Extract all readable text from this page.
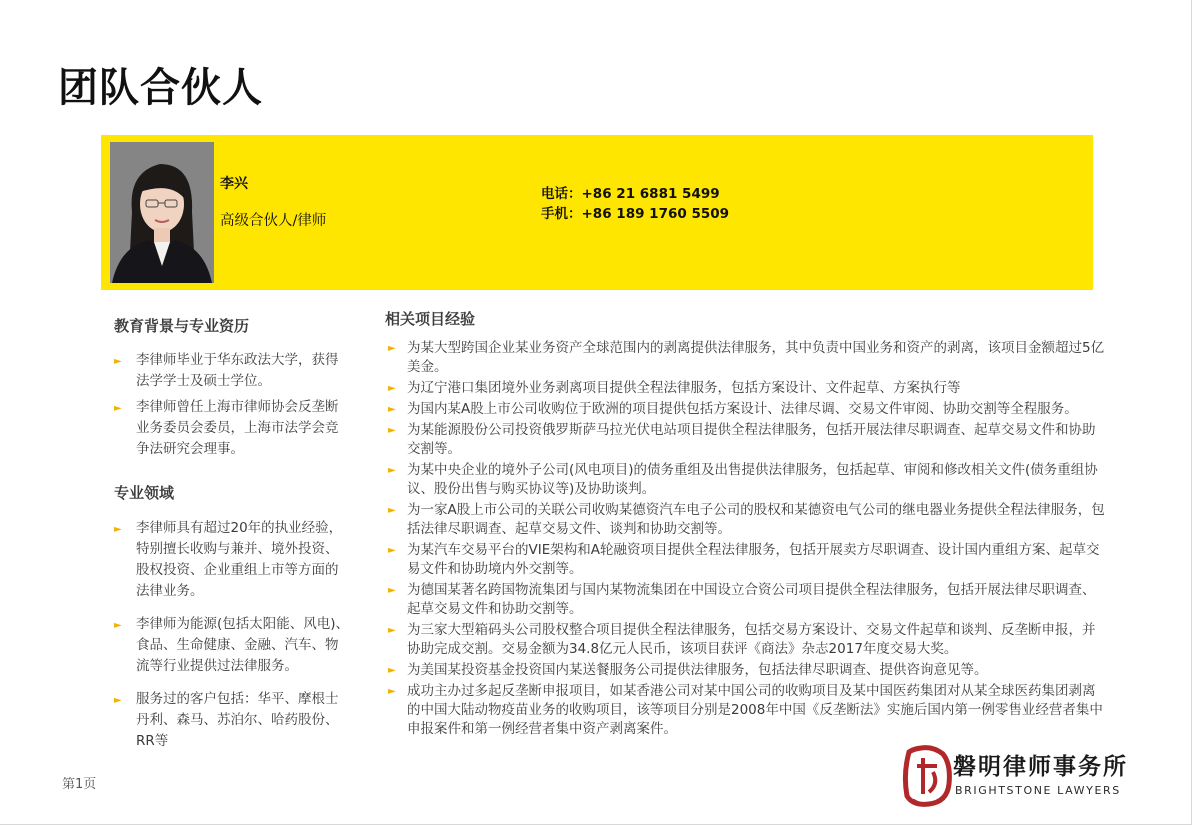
团队合伙人
李兴
高级合伙人/律师
电话：+86 21 6881 5499
手机：+86 189 1760 5509
教育背景与专业资历
► 李律师毕业于华东政法大学，获得法学学士及硕士学位。
► 李律师曾任上海市律师协会反垄断业务委员会委员，上海市法学会竞争法研究会理事。
专业领域
► 李律师具有超过20年的执业经验，特别擅长收购与兼并、境外投资、股权投资、企业重组上市等方面的法律业务。
► 李律师为能源(包括太阳能、风电)、食品、生命健康、金融、汽车、物流等行业提供过法律服务。
► 服务过的客户包括：华平、摩根士丹利、森马、苏泊尔、哈药股份、RR等
相关项目经验
► 为某大型跨国企业某业务资产全球范围内的剥离提供法律服务，其中负责中国业务和资产的剥离，该项目金额超过5亿美金。
► 为辽宁港口集团境外业务剥离项目提供全程法律服务，包括方案设计、文件起草、方案执行等
► 为国内某A股上市公司收购位于欧洲的项目提供包括方案设计、法律尽调、交易文件审阅、协助交割等全程服务。
► 为某能源股份公司投资俄罗斯萨马拉光伏电站项目提供全程法律服务，包括开展法律尽职调查、起草交易文件和协助交割等。
► 为某中央企业的境外子公司(风电项目)的债务重组及出售提供法律服务，包括起草、审阅和修改相关文件(债务重组协议、股份出售与购买协议等)及协助谈判。
► 为一家A股上市公司的关联公司收购某德资汽车电子公司的股权和某德资电气公司的继电器业务提供全程法律服务，包括法律尽职调查、起草交易文件、谈判和协助交割等。
► 为某汽车交易平台的VIE架构和A轮融资项目提供全程法律服务，包括开展卖方尽职调查、设计国内重组方案、起草交易文件和协助境内外交割等。
► 为德国某著名跨国物流集团与国内某物流集团在中国设立合资公司项目提供全程法律服务，包括开展法律尽职调查、起草交易文件和协助交割等。
► 为三家大型箱码头公司股权整合项目提供全程法律服务，包括交易方案设计、交易文件起草和谈判、反垄断申报，并协助完成交割。交易金额为34.8亿元人民币，该项目获评《商法》杂志2017年度交易大奖。
► 为美国某投资基金投资国内某送餐服务公司提供法律服务，包括法律尽职调查、提供咨询意见等。
► 成功主办过多起反垄断申报项目，如某香港公司对某中国公司的收购项目及某中国医药集团对从某全球医药集团剥离的中国大陆动物疫苗业务的收购项目，该等项目分别是2008年中国《反垄断法》实施后国内第一例零售业经营者集中申报案件和第一例经营者集中资产剥离案件。
第1页
磐明律师事务所
BRIGHTSTONE LAWYERS
